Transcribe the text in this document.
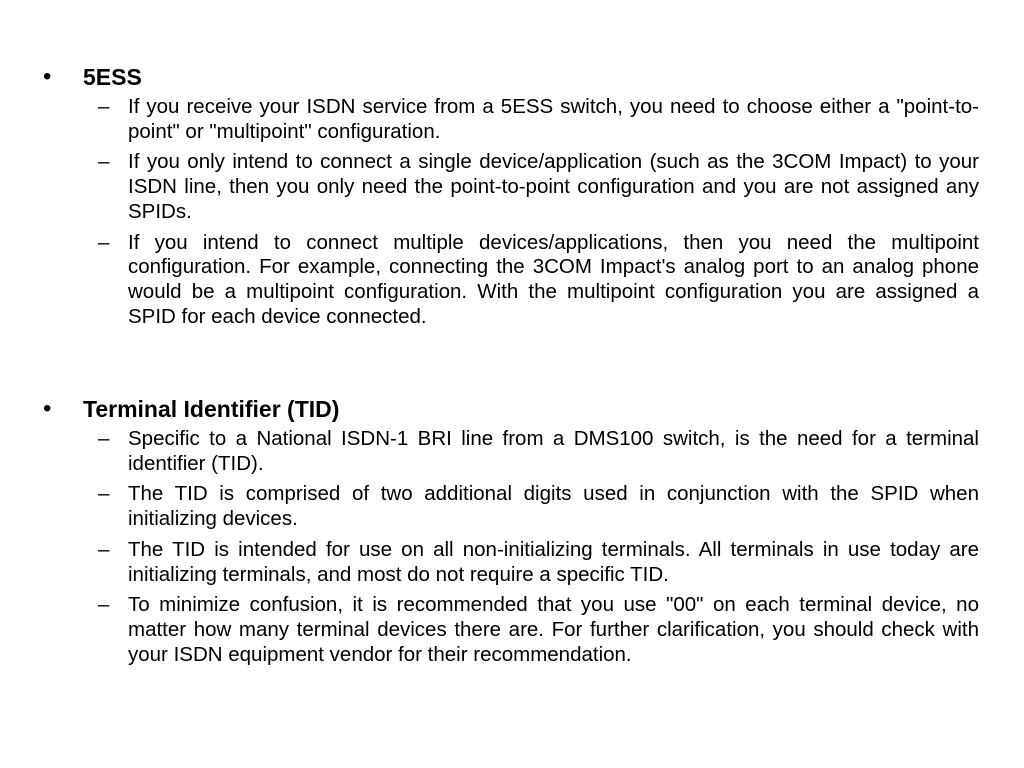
• 5ESS
– If you receive your ISDN service from a 5ESS switch, you need to choose either a "point-to-point" or "multipoint" configuration.
– If you only intend to connect a single device/application (such as the 3COM Impact) to your ISDN line, then you only need the point-to-point configuration and you are not assigned any SPIDs.
– If you intend to connect multiple devices/applications, then you need the multipoint configuration. For example, connecting the 3COM Impact's analog port to an analog phone would be a multipoint configuration. With the multipoint configuration you are assigned a SPID for each device connected.
• Terminal Identifier (TID)
– Specific to a National ISDN-1 BRI line from a DMS100 switch, is the need for a terminal identifier (TID).
– The TID is comprised of two additional digits used in conjunction with the SPID when initializing devices.
– The TID is intended for use on all non-initializing terminals. All terminals in use today are initializing terminals, and most do not require a specific TID.
– To minimize confusion, it is recommended that you use "00" on each terminal device, no matter how many terminal devices there are. For further clarification, you should check with your ISDN equipment vendor for their recommendation.
